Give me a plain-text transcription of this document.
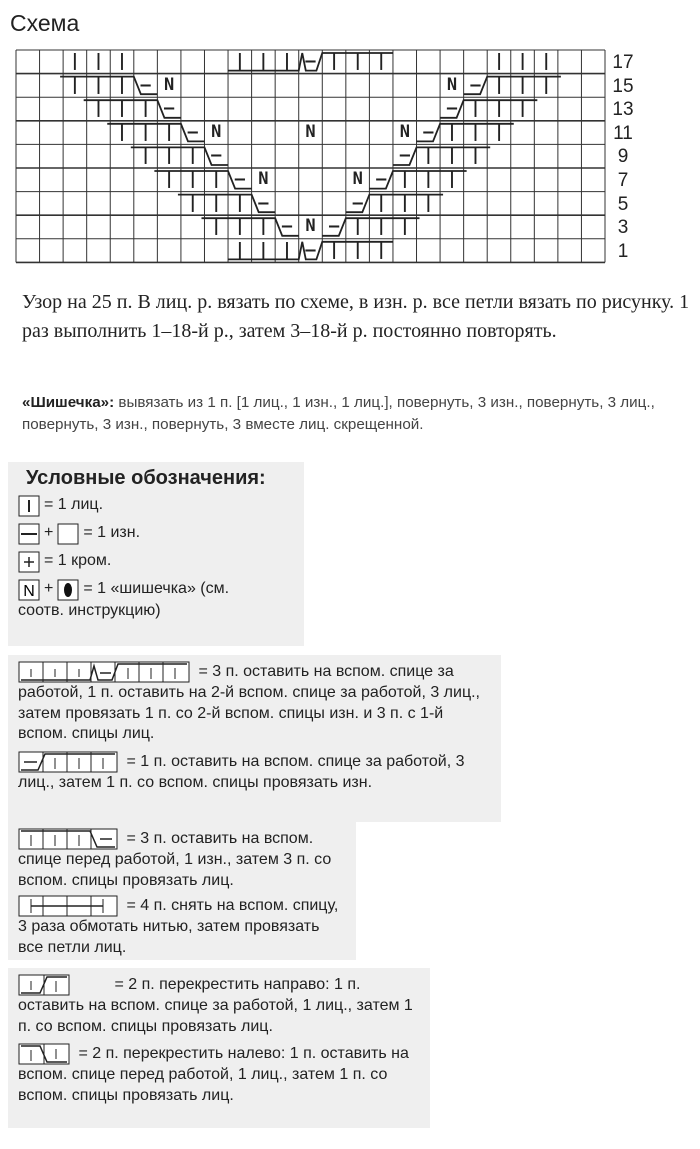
Схема
|||    |||–|||    |||
|||–N           N–|||
|||–           –|||
|||–N   N   N–|||
|||–       –|||
|||–N   N–|||
|||–   –|||
|||–N–|||
|||–|||
17
15
13
11
9
7
5
3
1
Узор на 25 п. В лиц. р. вязать по схеме, в изн. р. все петли вязать по рисунку. 1 раз выполнить 1–18-й р., затем 3–18-й р. постоянно повторять.
«Шишечка»: вывязать из 1 п. [1 лиц., 1 изн., 1 лиц.], повернуть, 3 изн., повернуть, 3 лиц., повернуть, 3 изн., повернуть, 3 вместе лиц. скрещенной.
Условные обозначения:
= 1 лиц.
+ = 1 изн.
= 1 кром.
N + = 1 «шишечка» (см.
соотв. инструкцию)

= 3 п. оставить на вспом. спице за работой, 1 п. оставить на 2-й вспом. спице за работой, 3 лиц., затем провязать 1 п. со 2-й вспом. спицы изн. и 3 п. с 1-й вспом. спицы лиц.

= 1 п. оставить на вспом. спице за работой, 3 лиц., затем 1 п. со вспом. спицы провязать изн.

= 3 п. оставить на вспом. спице перед работой, 1 изн., затем 3 п. со вспом. спицы провязать лиц.

= 4 п. снять на вспом. спицу, 3 раза обмотать нитью, затем провязать все петли лиц.

= 2 п. перекрестить направо: 1 п. оставить на вспом. спице за работой, 1 лиц., затем 1 п. со вспом. спицы провязать лиц.

= 2 п. перекрестить налево: 1 п. оставить на вспом. спице перед работой, 1 лиц., затем 1 п. со вспом. спицы провязать лиц.
